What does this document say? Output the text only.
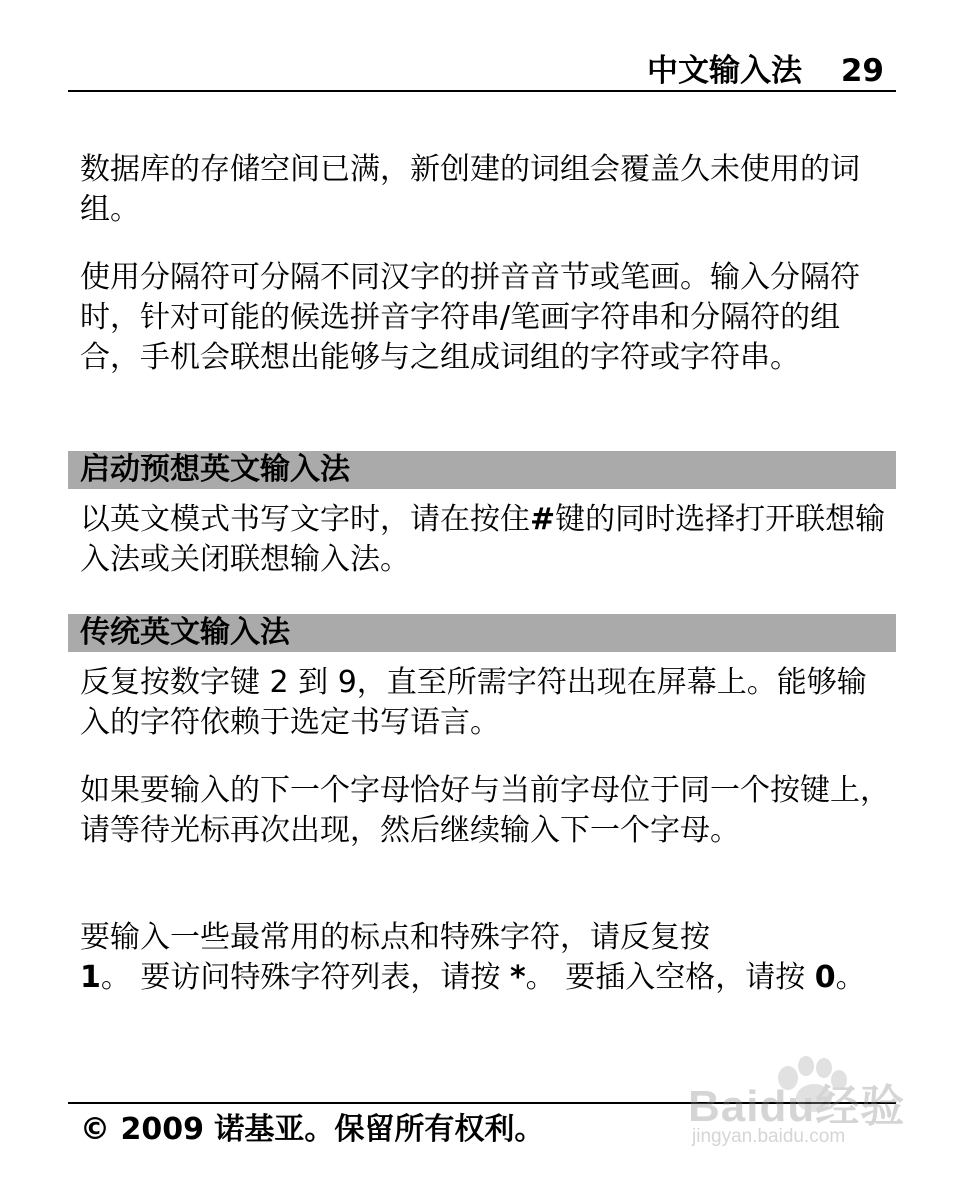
中文输入法 29

数据库的存储空间已满，新创建的词组会覆盖久未使用的词组。

使用分隔符可分隔不同汉字的拼音音节或笔画。输入分隔符时，针对可能的候选拼音字符串/笔画字符串和分隔符的组合，手机会联想出能够与之组成词组的字符或字符串。

启动预想英文输入法

以英文模式书写文字时，请在按住#键的同时选择打开联想输入法或关闭联想输入法。

传统英文输入法

反复按数字键 2 到 9，直至所需字符出现在屏幕上。能够输入的字符依赖于选定书写语言。

如果要输入的下一个字母恰好与当前字母位于同一个按键上，请等待光标再次出现，然后继续输入下一个字母。

要输入一些最常用的标点和特殊字符，请反复按
1。 要访问特殊字符列表，请按 *。 要插入空格，请按 0。

© 2009 诺基亚。保留所有权利。	Baidu经验
jingyan.baidu.com
